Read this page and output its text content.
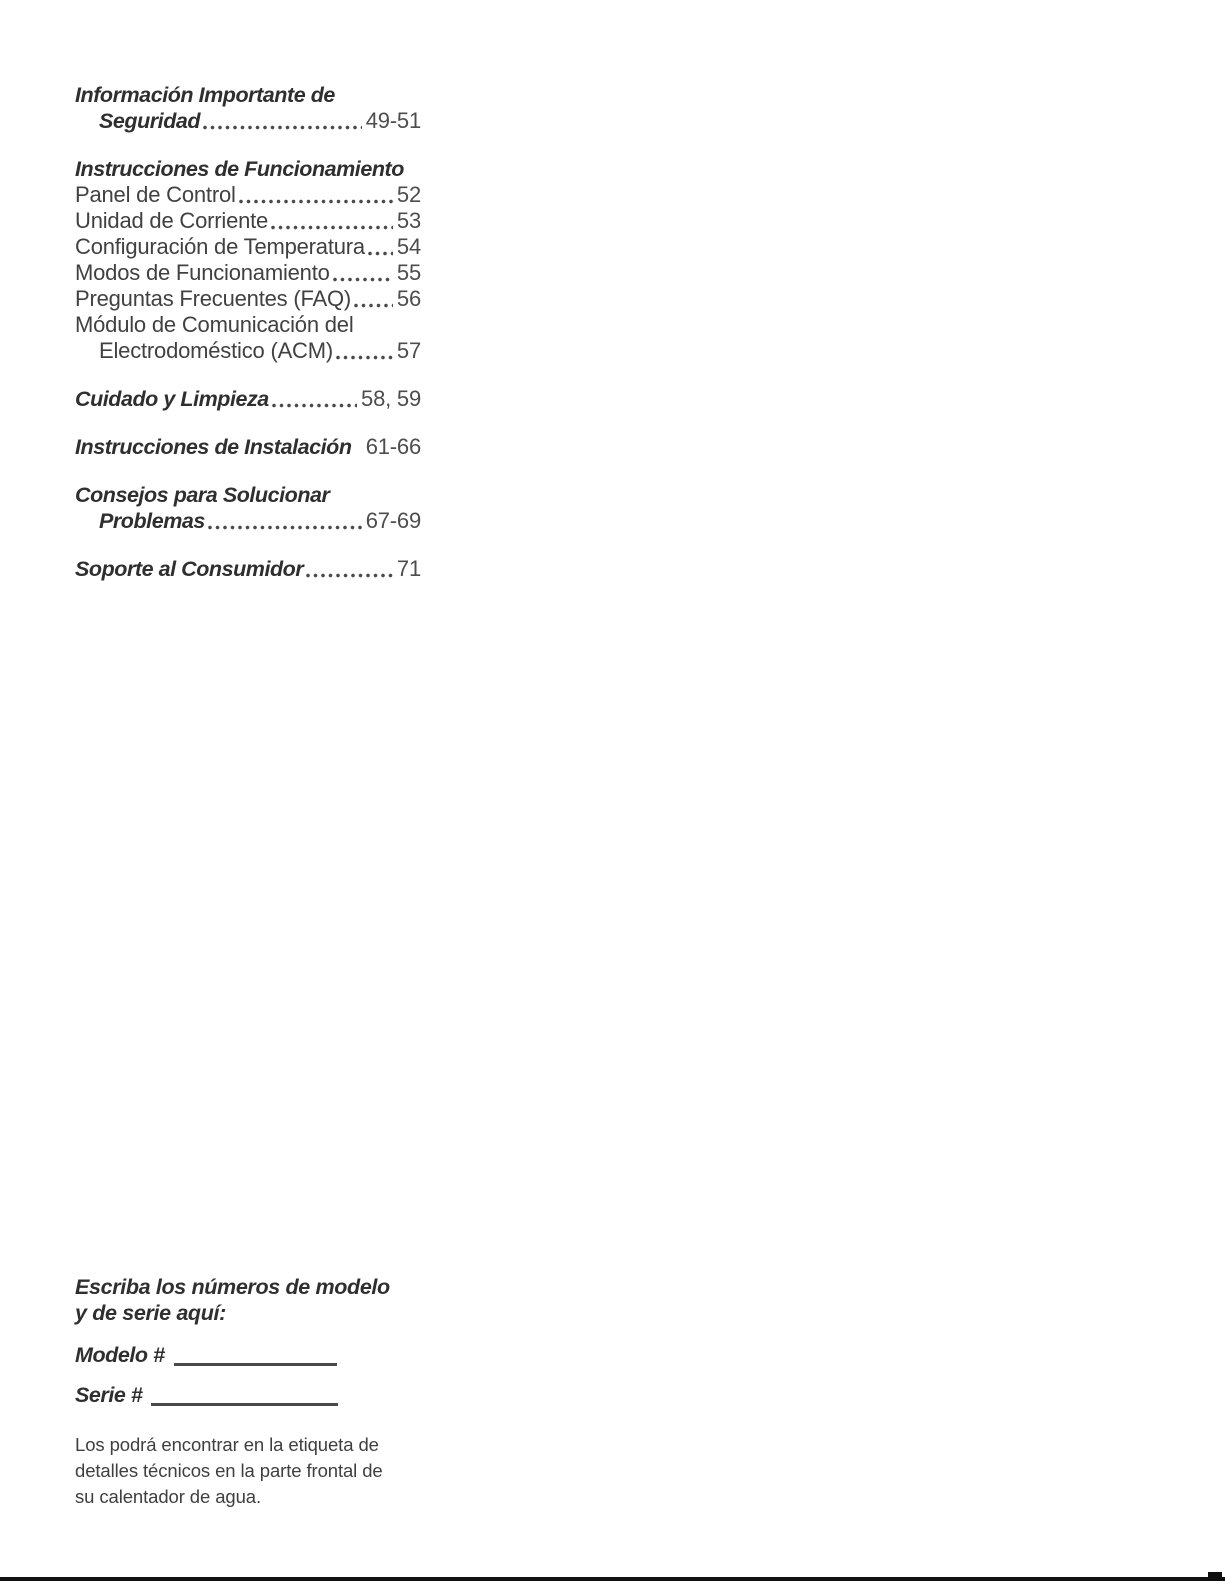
Información Importante de
Seguridad	49-51
Instrucciones de Funcionamiento
Panel de Control	52
Unidad de Corriente	53
Configuración de Temperatura 54
Modos de Funcionamiento	55
Preguntas Frecuentes (FAQ) 56
Módulo de Comunicación del
Electrodoméstico (ACM)	57
Cuidado y Limpieza	58, 59
Instrucciones de Instalación 61-66
Consejos para Solucionar
Problemas	67-69
Soporte al Consumidor	71

Escriba los números de modelo
y de serie aquí:

Modelo #
Serie #

Los podrá encontrar en la etiqueta de
detalles técnicos en la parte frontal de
su calentador de agua.
